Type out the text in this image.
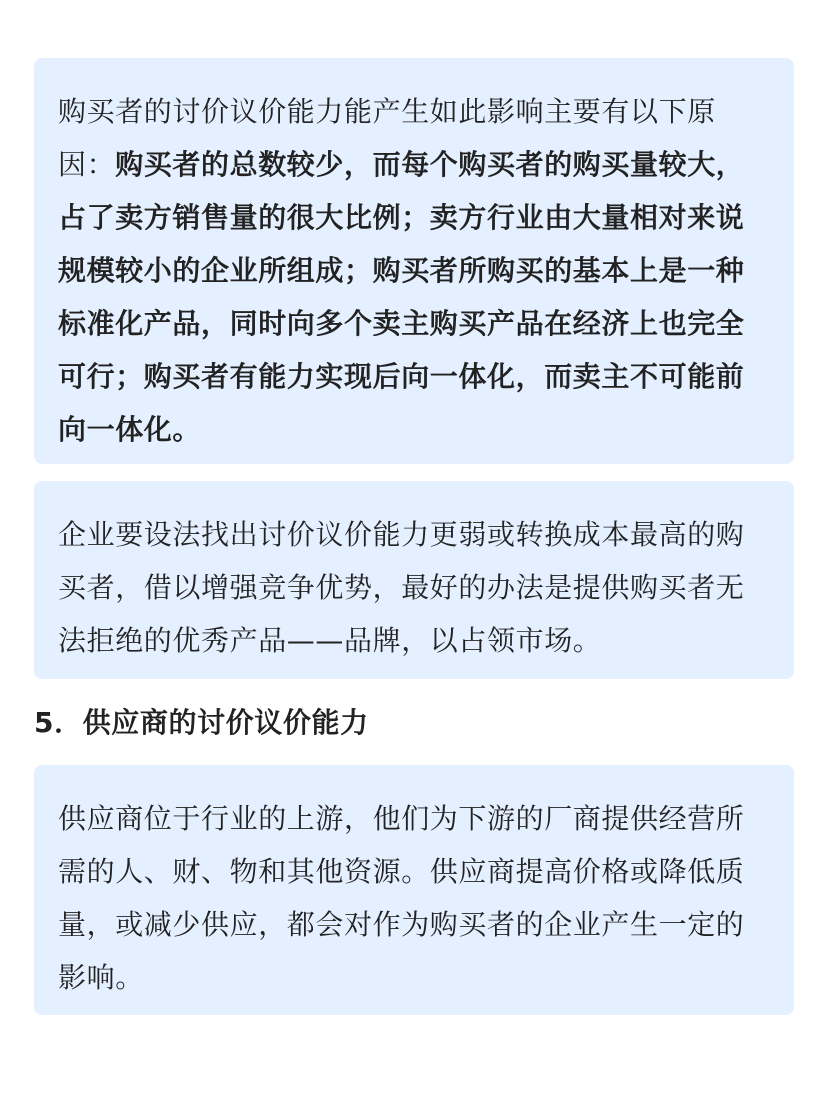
购买者的讨价议价能力能产生如此影响主要有以下原因：购买者的总数较少，而每个购买者的购买量较大，占了卖方销售量的很大比例；卖方行业由大量相对来说规模较小的企业所组成；购买者所购买的基本上是一种标准化产品，同时向多个卖主购买产品在经济上也完全可行；购买者有能力实现后向一体化，而卖主不可能前向一体化。

企业要设法找出讨价议价能力更弱或转换成本最高的购买者，借以增强竞争优势，最好的办法是提供购买者无法拒绝的优秀产品——品牌，以占领市场。

5．供应商的讨价议价能力

供应商位于行业的上游，他们为下游的厂商提供经营所需的人、财、物和其他资源。供应商提高价格或降低质量，或减少供应，都会对作为购买者的企业产生一定的影响。
